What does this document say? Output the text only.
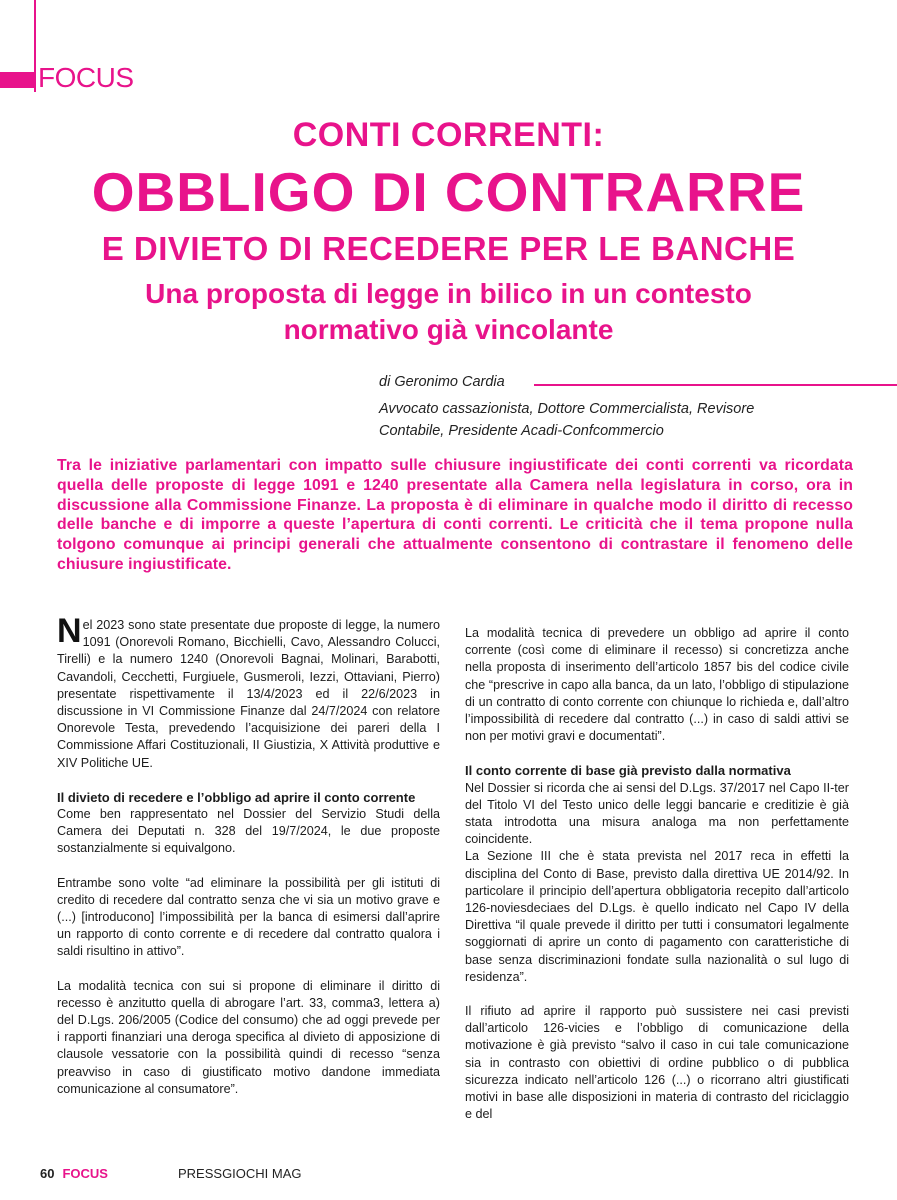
FOCUS
CONTI CORRENTI:
OBBLIGO DI CONTRARRE
E DIVIETO DI RECEDERE PER LE BANCHE
Una proposta di legge in bilico in un contesto
normativo già vincolante
di Geronimo Cardia
Avvocato cassazionista, Dottore Commercialista, Revisore Contabile, Presidente Acadi-Confcommercio
Tra le iniziative parlamentari con impatto sulle chiusure ingiustificate dei conti correnti va ricordata quella delle proposte di legge 1091 e 1240 presentate alla Camera nella legislatura in corso, ora in discussione alla Commissione Finanze. La proposta è di eliminare in qualche modo il diritto di recesso delle banche e di imporre a queste l’apertura di conti correnti. Le criticità che il tema propone nulla tolgono comunque ai principi generali che attualmente consentono di contrastare il fenomeno delle chiusure ingiustificate.

Nel 2023 sono state presentate due proposte di legge, la numero 1091 (Onorevoli Romano, Bicchielli, Cavo, Alessandro Colucci, Tirelli) e la numero 1240 (Onorevoli Bagnai, Molinari, Barabotti, Cavandoli, Cecchetti, Furgiuele, Gusmeroli, Iezzi, Ottaviani, Pierro) presentate rispettivamente il 13/4/2023 ed il 22/6/2023 in discussione in VI Commissione Finanze dal 24/7/2024 con relatore Onorevole Testa, prevedendo l’acquisizione dei pareri della I Commissione Affari Costituzionali, II Giustizia, X Attività produttive e XIV Politiche UE.

Il divieto di recedere e l’obbligo ad aprire il conto corrente

Come ben rappresentato nel Dossier del Servizio Studi della Camera dei Deputati n. 328 del 19/7/2024, le due proposte sostanzialmente si equivalgono.

Entrambe sono volte “ad eliminare la possibilità per gli istituti di credito di recedere dal contratto senza che vi sia un motivo grave e (...) [introducono] l’impossibilità per la banca di esimersi dall’aprire un rapporto di conto corrente e di recedere dal contratto qualora i saldi risultino in attivo”.

La modalità tecnica con sui si propone di eliminare il diritto di recesso è anzitutto quella di abrogare l’art. 33, comma3, lettera a) del D.Lgs. 206/2005 (Codice del consumo) che ad oggi prevede per i rapporti finanziari una deroga specifica al divieto di apposizione di clausole vessatorie con la possibilità quindi di recesso “senza preavviso in caso di giustificato motivo dandone immediata comunicazione al consumatore”.

La modalità tecnica di prevedere un obbligo ad aprire il conto corrente (così come di eliminare il recesso) si concretizza anche nella proposta di inserimento dell’articolo 1857 bis del codice civile che “prescrive in capo alla banca, da un lato, l’obbligo di stipulazione di un contratto di conto corrente con chiunque lo richieda e, dall’altro l’impossibilità di recedere dal contratto (...) in caso di saldi attivi se non per motivi gravi e documentati”.

Il conto corrente di base già previsto dalla normativa

Nel Dossier si ricorda che ai sensi del D.Lgs. 37/2017 nel Capo II-ter del Titolo VI del Testo unico delle leggi bancarie e creditizie è già stata introdotta una misura analoga ma non perfettamente coincidente.

La Sezione III che è stata prevista nel 2017 reca in effetti la disciplina del Conto di Base, previsto dalla direttiva UE 2014/92. In particolare il principio dell’apertura obbligatoria recepito dall’articolo 126-noviesdeciaes del D.Lgs. è quello indicato nel Capo IV della Direttiva “il quale prevede il diritto per tutti i consumatori legalmente soggiornati di aprire un conto di pagamento con caratteristiche di base senza discriminazioni fondate sulla nazionalità o sul lugo di residenza”.

Il rifiuto ad aprire il rapporto può sussistere nei casi previsti dall’articolo 126-vicies e l’obbligo di comunicazione della motivazione è già previsto “salvo il caso in cui tale comunicazione sia in contrasto con obiettivi di ordine pubblico o di pubblica sicurezza indicato nell’articolo 126 (...) o ricorrano altri giustificati motivi in base alle disposizioni in materia di contrasto del riciclaggio e del

60 FOCUS	PRESSGIOCHI MAG
